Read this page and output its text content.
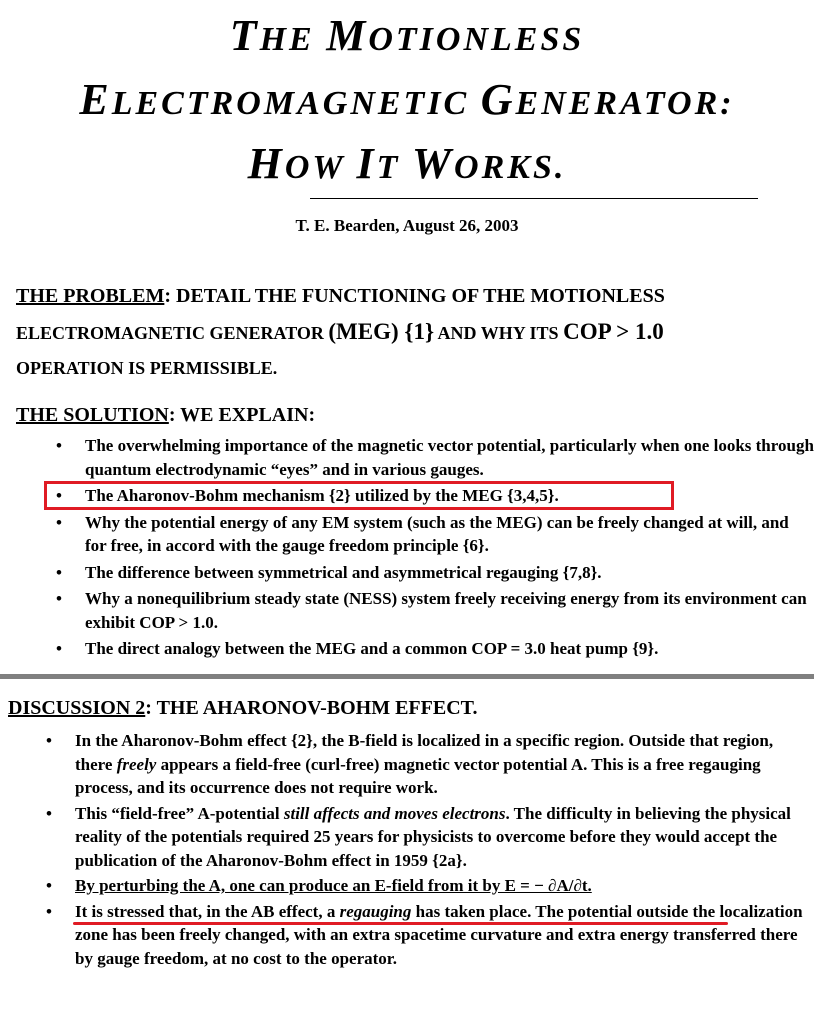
THE MOTIONLESS
ELECTROMAGNETIC GENERATOR:
HOW IT WORKS.
T. E. Bearden, August 26, 2003
THE PROBLEM: DETAIL THE FUNCTIONING OF THE MOTIONLESS
ELECTROMAGNETIC GENERATOR (MEG) {1} AND WHY ITS COP > 1.0
OPERATION IS PERMISSIBLE.
THE SOLUTION: WE EXPLAIN:
• The overwhelming importance of the magnetic vector potential, particularly when one looks through quantum electrodynamic “eyes” and in various gauges.
• The Aharonov-Bohm mechanism {2} utilized by the MEG {3,4,5}.
• Why the potential energy of any EM system (such as the MEG) can be freely changed at will, and for free, in accord with the gauge freedom principle {6}.
• The difference between symmetrical and asymmetrical regauging {7,8}.
• Why a nonequilibrium steady state (NESS) system freely receiving energy from its environment can exhibit COP > 1.0.
• The direct analogy between the MEG and a common COP = 3.0 heat pump {9}.
DISCUSSION 2: THE AHARONOV-BOHM EFFECT.
• In the Aharonov-Bohm effect {2}, the B-field is localized in a specific region. Outside that region, there freely appears a field-free (curl-free) magnetic vector potential A. This is a free regauging process, and its occurrence does not require work.
• This “field-free” A-potential still affects and moves electrons. The difficulty in believing the physical reality of the potentials required 25 years for physicists to overcome before they would accept the publication of the Aharonov-Bohm effect in 1959 {2a}.
• By perturbing the A, one can produce an E-field from it by E = − ∂A/∂t.
• It is stressed that, in the AB effect, a regauging has taken place. The potential outside the localization zone has been freely changed, with an extra spacetime curvature and extra energy transferred there by gauge freedom, at no cost to the operator.
